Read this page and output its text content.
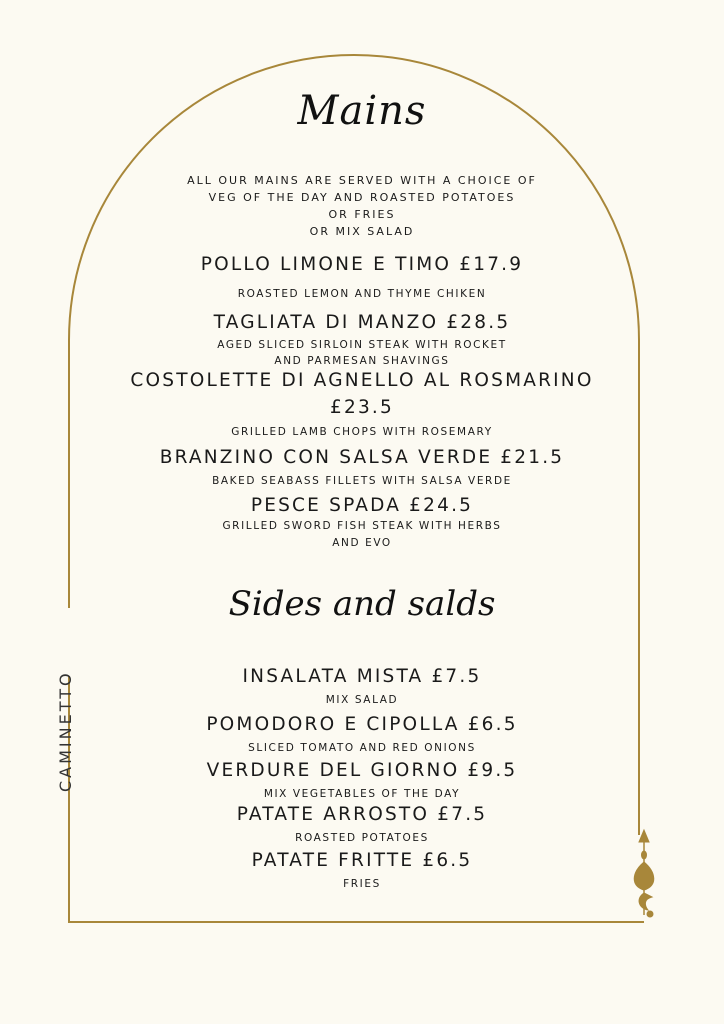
Mains
ALL OUR MAINS ARE SERVED WITH A CHOICE OF
VEG OF THE DAY AND ROASTED POTATOES
OR FRIES
OR MIX SALAD
POLLO LIMONE E TIMO £17.9
ROASTED LEMON AND THYME CHIKEN
TAGLIATA DI MANZO £28.5
AGED SLICED SIRLOIN STEAK WITH ROCKET
AND PARMESAN SHAVINGS
COSTOLETTE DI AGNELLO AL ROSMARINO
£23.5
GRILLED LAMB CHOPS WITH ROSEMARY
BRANZINO CON SALSA VERDE £21.5
BAKED SEABASS FILLETS WITH SALSA VERDE
PESCE SPADA £24.5
GRILLED SWORD FISH STEAK WITH HERBS
AND EVO
Sides and salds
INSALATA MISTA £7.5
MIX SALAD
POMODORO E CIPOLLA £6.5
SLICED TOMATO AND RED ONIONS
VERDURE DEL GIORNO £9.5
MIX VEGETABLES OF THE DAY
PATATE ARROSTO £7.5
ROASTED POTATOES
PATATE FRITTE £6.5
FRIES
CAMINETTO
